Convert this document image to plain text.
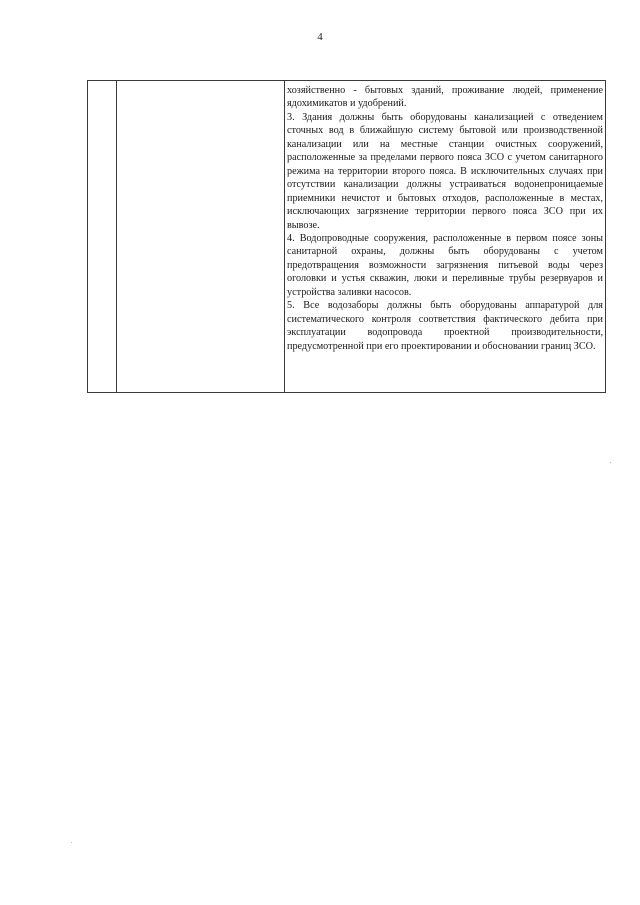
4

хозяйственно - бытовых зданий, проживание людей, применение ядохимикатов и удобрений.

3. Здания должны быть оборудованы канализацией с отведением сточных вод в ближайшую систему бытовой или производственной канализации или на местные станции очистных сооружений, расположенные за пределами первого пояса ЗСО с учетом санитарного режима на территории второго пояса. В исключительных случаях при отсутствии канализации должны устраиваться водонепроницаемые приемники нечистот и бытовых отходов, расположенные в местах, исключающих загрязнение территории первого пояса ЗСО при их вывозе.

4. Водопроводные сооружения, расположенные в первом поясе зоны санитарной охраны, должны быть оборудованы с учетом предотвращения возможности загрязнения питьевой воды через оголовки и устья скважин, люки и переливные трубы резервуаров и устройства заливки насосов.

5. Все водозаборы должны быть оборудованы аппаратурой для систематического контроля соответствия фактического дебита при эксплуатации водопровода проектной производительности, предусмотренной при его проектировании и обосновании границ ЗСО.
